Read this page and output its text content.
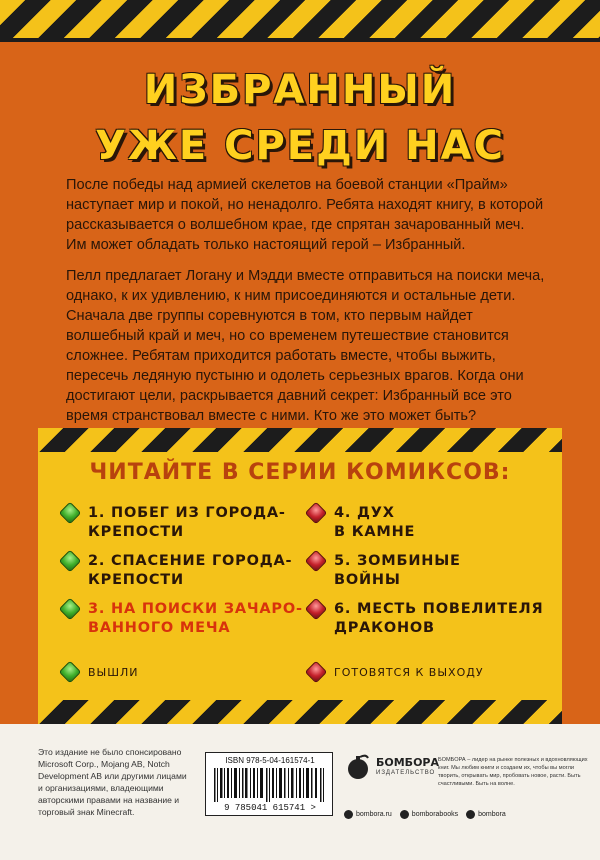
ИЗБРАННЫЙ
УЖЕ СРЕДИ НАС

После победы над армией скелетов на боевой станции «Прайм» наступает мир и покой, но ненадолго. Ребята находят книгу, в которой рассказывается о волшебном крае, где спрятан зачарованный меч. Им может обладать только настоящий герой – Избранный.

Пелл предлагает Логану и Мэдди вместе отправиться на поиски меча, однако, к их удивлению, к ним присоединяются и остальные дети. Сначала две группы соревнуются в том, кто первым найдет волшебный край и меч, но со временем путешествие становится сложнее. Ребятам приходится работать вместе, чтобы выжить, пересечь ледяную пустыню и одолеть серьезных врагов. Когда они достигают цели, раскрывается давний секрет: Избранный все это время странствовал вместе с ними. Кто же это может быть?

ЧИТАЙТЕ В СЕРИИ КОМИКСОВ:
1. ПОБЕГ ИЗ ГОРОДА-
КРЕПОСТИ
2. СПАСЕНИЕ ГОРОДА-
КРЕПОСТИ
3. НА ПОИСКИ ЗАЧАРО-
ВАННОГО МЕЧА
4. ДУХ
В КАМНЕ
5. ЗОМБИНЫЕ
ВОЙНЫ
6. МЕСТЬ ПОВЕЛИТЕЛЯ
ДРАКОНОВ
ВЫШЛИ	ГОТОВЯТСЯ К ВЫХОДУ

Это издание не было спонсировано Microsoft Corp., Mojang AB, Notch Development AB или другими лицами и организациями, владеющими авторскими правами на название и торговый знак Minecraft.

ISBN 978-5-04-161574-1
9 785041 615741 >
БОМБОРА
ИЗДАТЕЛЬСТВО

БОМБОРА – лидер на рынке полезных и вдохновляющих книг. Мы любим книги и создаем их, чтобы вы могли творить, открывать мир, пробовать новое, расти. Быть счастливыми. Быть на волне.

bombora.ru	bomborabooks	bombora
